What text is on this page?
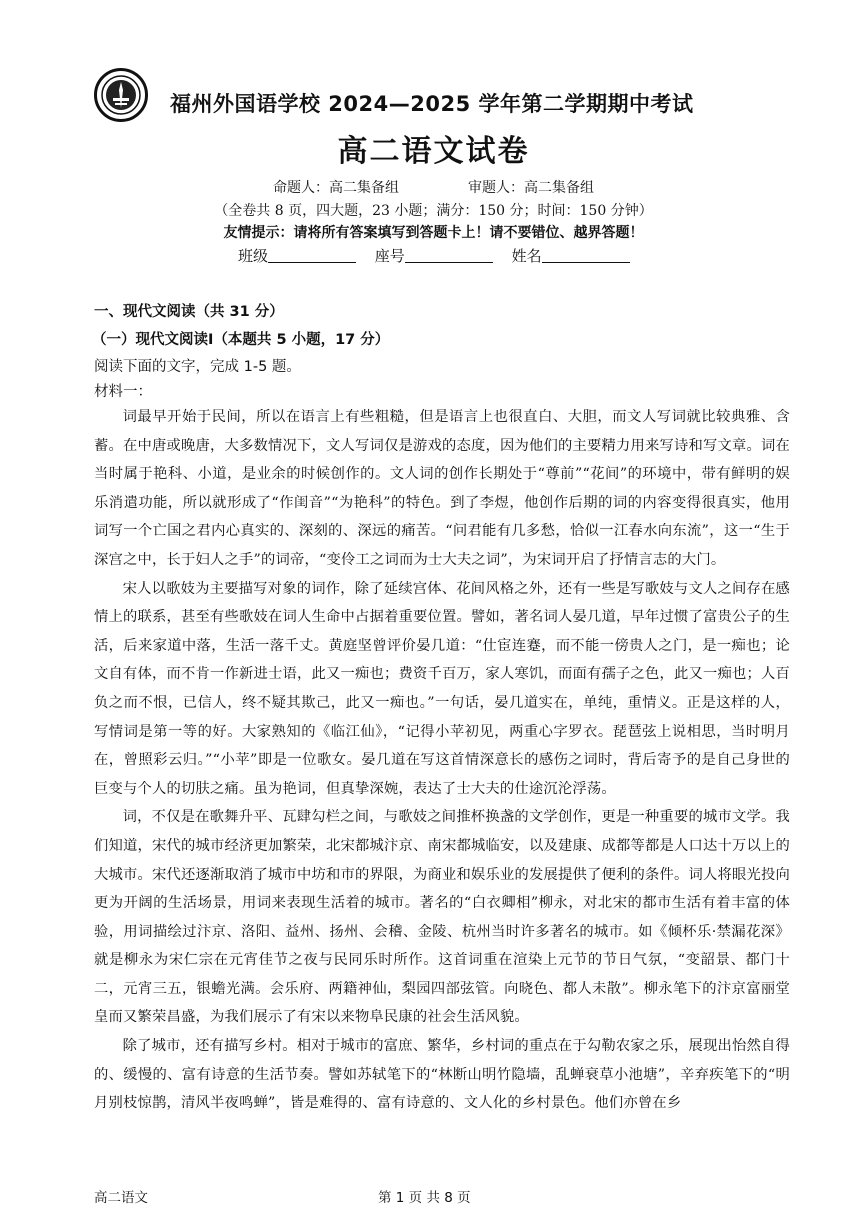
福州外国语学校 2024—2025 学年第二学期期中考试
高二语文试卷
命题人：高二集备组	审题人：高二集备组
（全卷共 8 页，四大题，23 小题；满分：150 分；时间：150 分钟）
友情提示：请将所有答案填写到答题卡上！请不要错位、越界答题！
班级	座号	姓名
一、现代文阅读（共 31 分）
（一）现代文阅读Ⅰ（本题共 5 小题，17 分）
阅读下面的文字，完成 1-5 题。
材料一：

词最早开始于民间，所以在语言上有些粗糙，但是语言上也很直白、大胆，而文人写词就比较典雅、含蓄。在中唐或晚唐，大多数情况下，文人写词仅是游戏的态度，因为他们的主要精力用来写诗和写文章。词在当时属于艳科、小道，是业余的时候创作的。文人词的创作长期处于“尊前”“花间”的环境中，带有鲜明的娱乐消遣功能，所以就形成了“作闺音”“为艳科”的特色。到了李煜，他创作后期的词的内容变得很真实，他用词写一个亡国之君内心真实的、深刻的、深远的痛苦。“问君能有几多愁，恰似一江春水向东流”，这一“生于深宫之中，长于妇人之手”的词帝，“变伶工之词而为士大夫之词”，为宋词开启了抒情言志的大门。

宋人以歌妓为主要描写对象的词作，除了延续宫体、花间风格之外，还有一些是写歌妓与文人之间存在感情上的联系，甚至有些歌妓在词人生命中占据着重要位置。譬如，著名词人晏几道，早年过惯了富贵公子的生活，后来家道中落，生活一落千丈。黄庭坚曾评价晏几道：“仕宦连蹇，而不能一傍贵人之门，是一痴也；论文自有体，而不肯一作新进士语，此又一痴也；费资千百万，家人寒饥，而面有孺子之色，此又一痴也；人百负之而不恨，已信人，终不疑其欺己，此又一痴也。”一句话，晏几道实在，单纯，重情义。正是这样的人，写情词是第一等的好。大家熟知的《临江仙》，“记得小苹初见，两重心字罗衣。琵琶弦上说相思，当时明月在，曾照彩云归。”“小苹”即是一位歌女。晏几道在写这首情深意长的感伤之词时，背后寄予的是自己身世的巨变与个人的切肤之痛。虽为艳词，但真挚深婉，表达了士大夫的仕途沉沦浮荡。

词，不仅是在歌舞升平、瓦肆勾栏之间，与歌妓之间推杯换盏的文学创作，更是一种重要的城市文学。我们知道，宋代的城市经济更加繁荣，北宋都城汴京、南宋都城临安，以及建康、成都等都是人口达十万以上的大城市。宋代还逐渐取消了城市中坊和市的界限，为商业和娱乐业的发展提供了便利的条件。词人将眼光投向更为开阔的生活场景，用词来表现生活着的城市。著名的“白衣卿相”柳永，对北宋的都市生活有着丰富的体验，用词描绘过汴京、洛阳、益州、扬州、会稽、金陵、杭州当时许多著名的城市。如《倾杯乐·禁漏花深》就是柳永为宋仁宗在元宵佳节之夜与民同乐时所作。这首词重在渲染上元节的节日气氛，“变韶景、都门十二，元宵三五，银蟾光满。会乐府、两籍神仙，梨园四部弦管。向晓色、都人未散”。柳永笔下的汴京富丽堂皇而又繁荣昌盛，为我们展示了有宋以来物阜民康的社会生活风貌。

除了城市，还有描写乡村。相对于城市的富庶、繁华，乡村词的重点在于勾勒农家之乐，展现出怡然自得的、缓慢的、富有诗意的生活节奏。譬如苏轼笔下的“林断山明竹隐墙，乱蝉衰草小池塘”，辛弃疾笔下的“明月别枝惊鹊，清风半夜鸣蝉”，皆是难得的、富有诗意的、文人化的乡村景色。他们亦曾在乡

高二语文	第 1 页 共 8 页
